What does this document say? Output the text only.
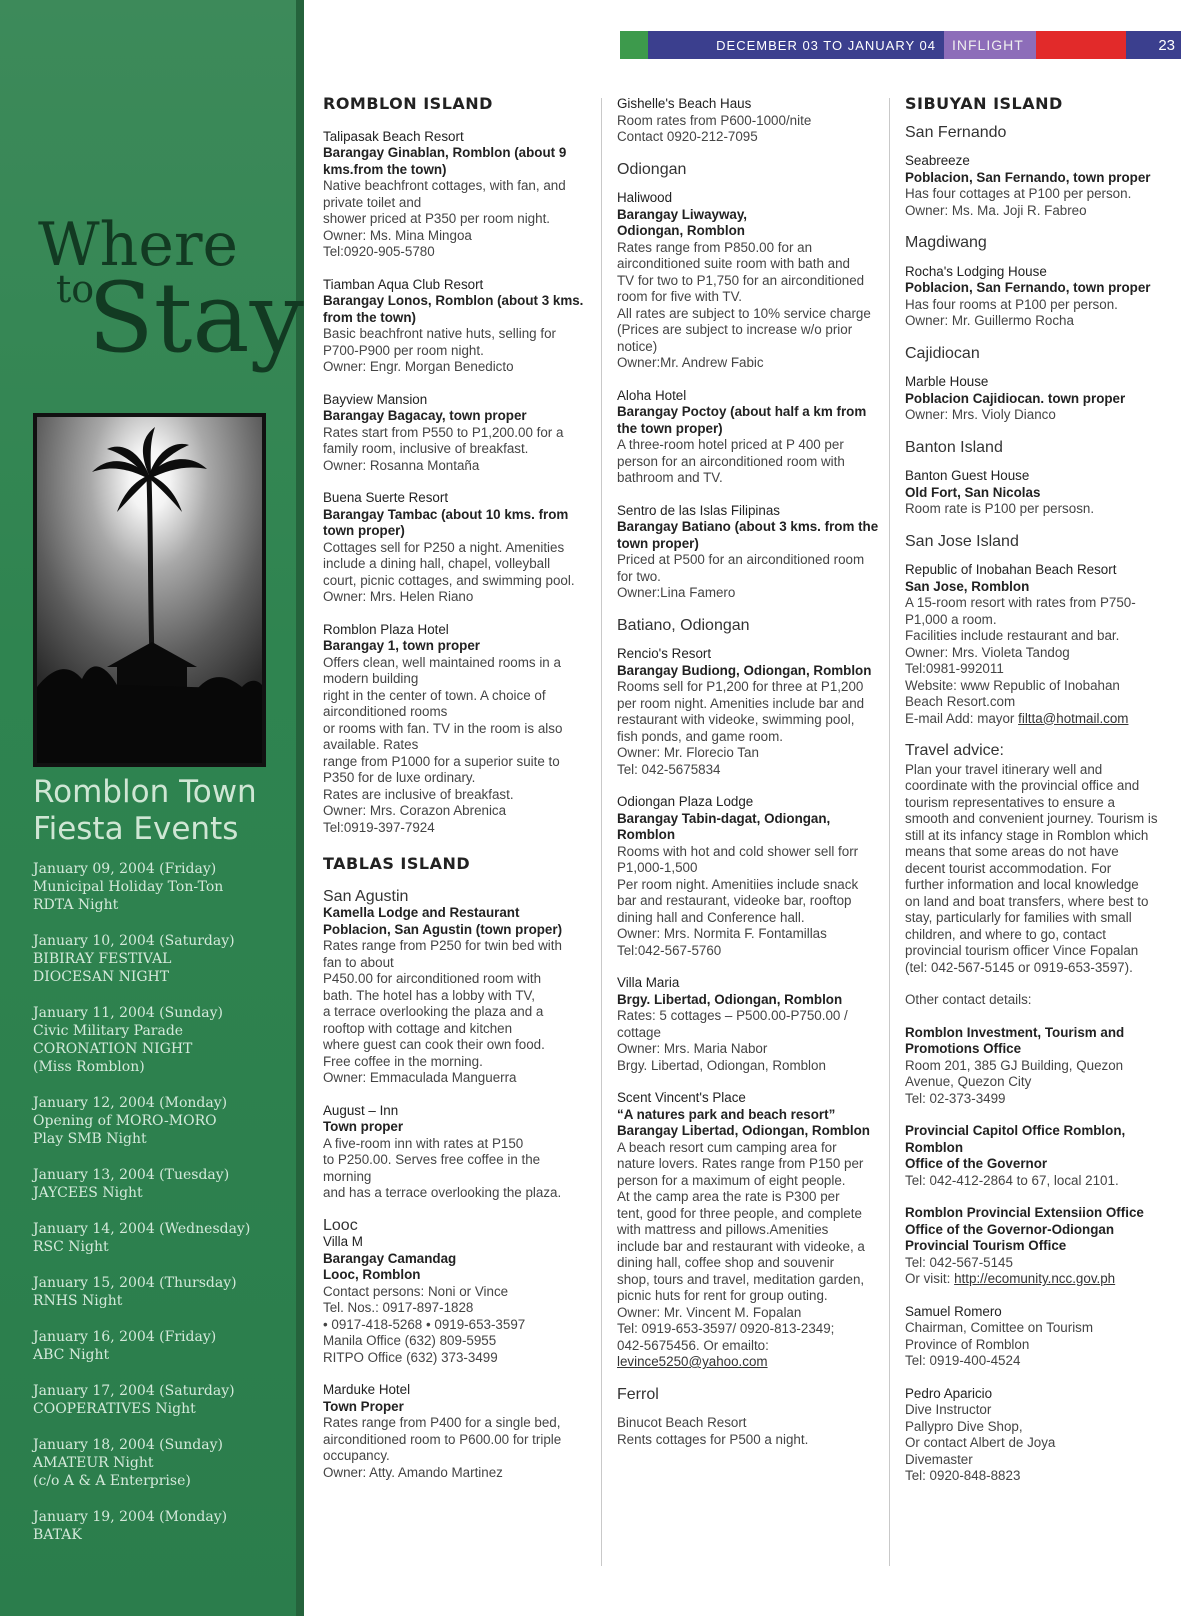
Where
to
Stay
Romblon Town
Fiesta Events
January 09, 2004 (Friday)
Municipal Holiday Ton-Ton
RDTA Night
January 10, 2004 (Saturday)
BIBIRAY FESTIVAL
DIOCESAN NIGHT
January 11, 2004 (Sunday)
Civic Military Parade
CORONATION NIGHT
(Miss Romblon)
January 12, 2004 (Monday)
Opening of MORO-MORO
Play SMB Night
January 13, 2004 (Tuesday)
JAYCEES Night
January 14, 2004 (Wednesday)
RSC Night
January 15, 2004 (Thursday)
RNHS Night
January 16, 2004 (Friday)
ABC Night
January 17, 2004 (Saturday)
COOPERATIVES Night
January 18, 2004 (Sunday)
AMATEUR Night
(c/o A & A Enterprise)
January 19, 2004 (Monday)
BATAK
DECEMBER 03 TO JANUARY 04	INFLIGHT	23
ROMBLON ISLAND
Talipasak Beach Resort
Barangay Ginablan, Romblon (about 9
kms.from the town)
Native beachfront cottages, with fan, and
private toilet and
shower priced at P350 per room night.
Owner: Ms. Mina Mingoa
Tel:0920-905-5780
Tiamban Aqua Club Resort
Barangay Lonos, Romblon (about 3 kms.
from the town)
Basic beachfront native huts, selling for
P700-P900 per room night.
Owner: Engr. Morgan Benedicto
Bayview Mansion
Barangay Bagacay, town proper
Rates start from P550 to P1,200.00 for a
family room, inclusive of breakfast.
Owner: Rosanna Montaña
Buena Suerte Resort
Barangay Tambac (about 10 kms. from
town proper)
Cottages sell for P250 a night. Amenities
include a dining hall, chapel, volleyball
court, picnic cottages, and swimming pool.
Owner: Mrs. Helen Riano
Romblon Plaza Hotel
Barangay 1, town proper
Offers clean, well maintained rooms in a
modern building
right in the center of town. A choice of
airconditioned rooms
or rooms with fan. TV in the room is also
available. Rates
range from P1000 for a superior suite to
P350 for de luxe ordinary.
Rates are inclusive of breakfast.
Owner: Mrs. Corazon Abrenica
Tel:0919-397-7924
TABLAS ISLAND
San Agustin
Kamella Lodge and Restaurant
Poblacion, San Agustin (town proper)
Rates range from P250 for twin bed with
fan to about
P450.00 for airconditioned room with
bath. The hotel has a lobby with TV,
a terrace overlooking the plaza and a
rooftop with cottage and kitchen
where guest can cook their own food.
Free coffee in the morning.
Owner: Emmaculada Manguerra
August – Inn
Town proper
A five-room inn with rates at P150
to P250.00. Serves free coffee in the morning
and has a terrace overlooking the plaza.
Looc
Villa M
Barangay Camandag
Looc, Romblon
Contact persons: Noni or Vince
Tel. Nos.: 0917-897-1828
• 0917-418-5268 • 0919-653-3597
Manila Office (632) 809-5955
RITPO Office (632) 373-3499
Marduke Hotel
Town Proper
Rates range from P400 for a single bed,
airconditioned room to P600.00 for triple
occupancy.
Owner: Atty. Amando Martinez
Gishelle's Beach Haus
Room rates from P600-1000/nite
Contact 0920-212-7095
Odiongan
Haliwood
Barangay Liwayway,
Odiongan, Romblon
Rates range from P850.00 for an
airconditioned suite room with bath and
TV for two to P1,750 for an airconditioned
room for five with TV.
All rates are subject to 10% service charge
(Prices are subject to increase w/o prior notice)
Owner:Mr. Andrew Fabic
Aloha Hotel
Barangay Poctoy (about half a km from
the town proper)
A three-room hotel priced at P 400 per
person for an airconditioned room with
bathroom and TV.
Sentro de las Islas Filipinas
Barangay Batiano (about 3 kms. from the
town proper)
Priced at P500 for an airconditioned room
for two.
Owner:Lina Famero
Batiano, Odiongan
Rencio's Resort
Barangay Budiong, Odiongan, Romblon
Rooms sell for P1,200 for three at P1,200
per room night. Amenities include bar and
restaurant with videoke, swimming pool,
fish ponds, and game room.
Owner: Mr. Florecio Tan
Tel: 042-5675834
Odiongan Plaza Lodge
Barangay Tabin-dagat, Odiongan,
Romblon
Rooms with hot and cold shower sell forr
P1,000-1,500
Per room night. Amenitiies include snack
bar and restaurant, videoke bar, rooftop
dining hall and Conference hall.
Owner: Mrs. Normita F. Fontamillas
Tel:042-567-5760
Villa Maria
Brgy. Libertad, Odiongan, Romblon
Rates: 5 cottages – P500.00-P750.00 /
cottage
Owner: Mrs. Maria Nabor
Brgy. Libertad, Odiongan, Romblon
Scent Vincent's Place
“A natures park and beach resort”
Barangay Libertad, Odiongan, Romblon
A beach resort cum camping area for
nature lovers. Rates range from P150 per
person for a maximum of eight people.
At the camp area the rate is P300 per
tent, good for three people, and complete
with mattress and pillows.Amenities
include bar and restaurant with videoke, a
dining hall, coffee shop and souvenir
shop, tours and travel, meditation garden,
picnic huts for rent for group outing.
Owner: Mr. Vincent M. Fopalan
Tel: 0919-653-3597/ 0920-813-2349;
042-5675456. Or emailto:
levince5250@yahoo.com
Ferrol
Binucot Beach Resort
Rents cottages for P500 a night.
SIBUYAN ISLAND
San Fernando
Seabreeze
Poblacion, San Fernando, town proper
Has four cottages at P100 per person.
Owner: Ms. Ma. Joji R. Fabreo
Magdiwang
Rocha's Lodging House
Poblacion, San Fernando, town proper
Has four rooms at P100 per person.
Owner: Mr. Guillermo Rocha
Cajidiocan
Marble House
Poblacion Cajidiocan. town proper
Owner: Mrs. Violy Dianco
Banton Island
Banton Guest House
Old Fort, San Nicolas
Room rate is P100 per persosn.
San Jose Island
Republic of Inobahan Beach Resort
San Jose, Romblon
A 15-room resort with rates from P750-
P1,000 a room.
Facilities include restaurant and bar.
Owner: Mrs. Violeta Tandog
Tel:0981-992011
Website: www Republic of Inobahan
Beach Resort.com
E-mail Add: mayor filtta@hotmail.com
Travel advice:
Plan your travel itinerary well and
coordinate with the provincial office and
tourism representatives to ensure a
smooth and convenient journey. Tourism is
still at its infancy stage in Romblon which
means that some areas do not have
decent tourist accommodation. For
further information and local knowledge
on land and boat transfers, where best to
stay, particularly for families with small
children, and where to go, contact
provincial tourism officer Vince Fopalan
(tel: 042-567-5145 or 0919-653-3597).
Other contact details:
Romblon Investment, Tourism and
Promotions Office
Room 201, 385 GJ Building, Quezon
Avenue, Quezon City
Tel: 02-373-3499
Provincial Capitol Office Romblon,
Romblon
Office of the Governor
Tel: 042-412-2864 to 67, local 2101.
Romblon Provincial Extensiion Office
Office of the Governor-Odiongan
Provincial Tourism Office
Tel: 042-567-5145
Or visit: http://ecomunity.ncc.gov.ph
Samuel Romero
Chairman, Comittee on Tourism
Province of Romblon
Tel: 0919-400-4524
Pedro Aparicio
Dive Instructor
Pallypro Dive Shop,
Or contact Albert de Joya
Divemaster
Tel: 0920-848-8823
